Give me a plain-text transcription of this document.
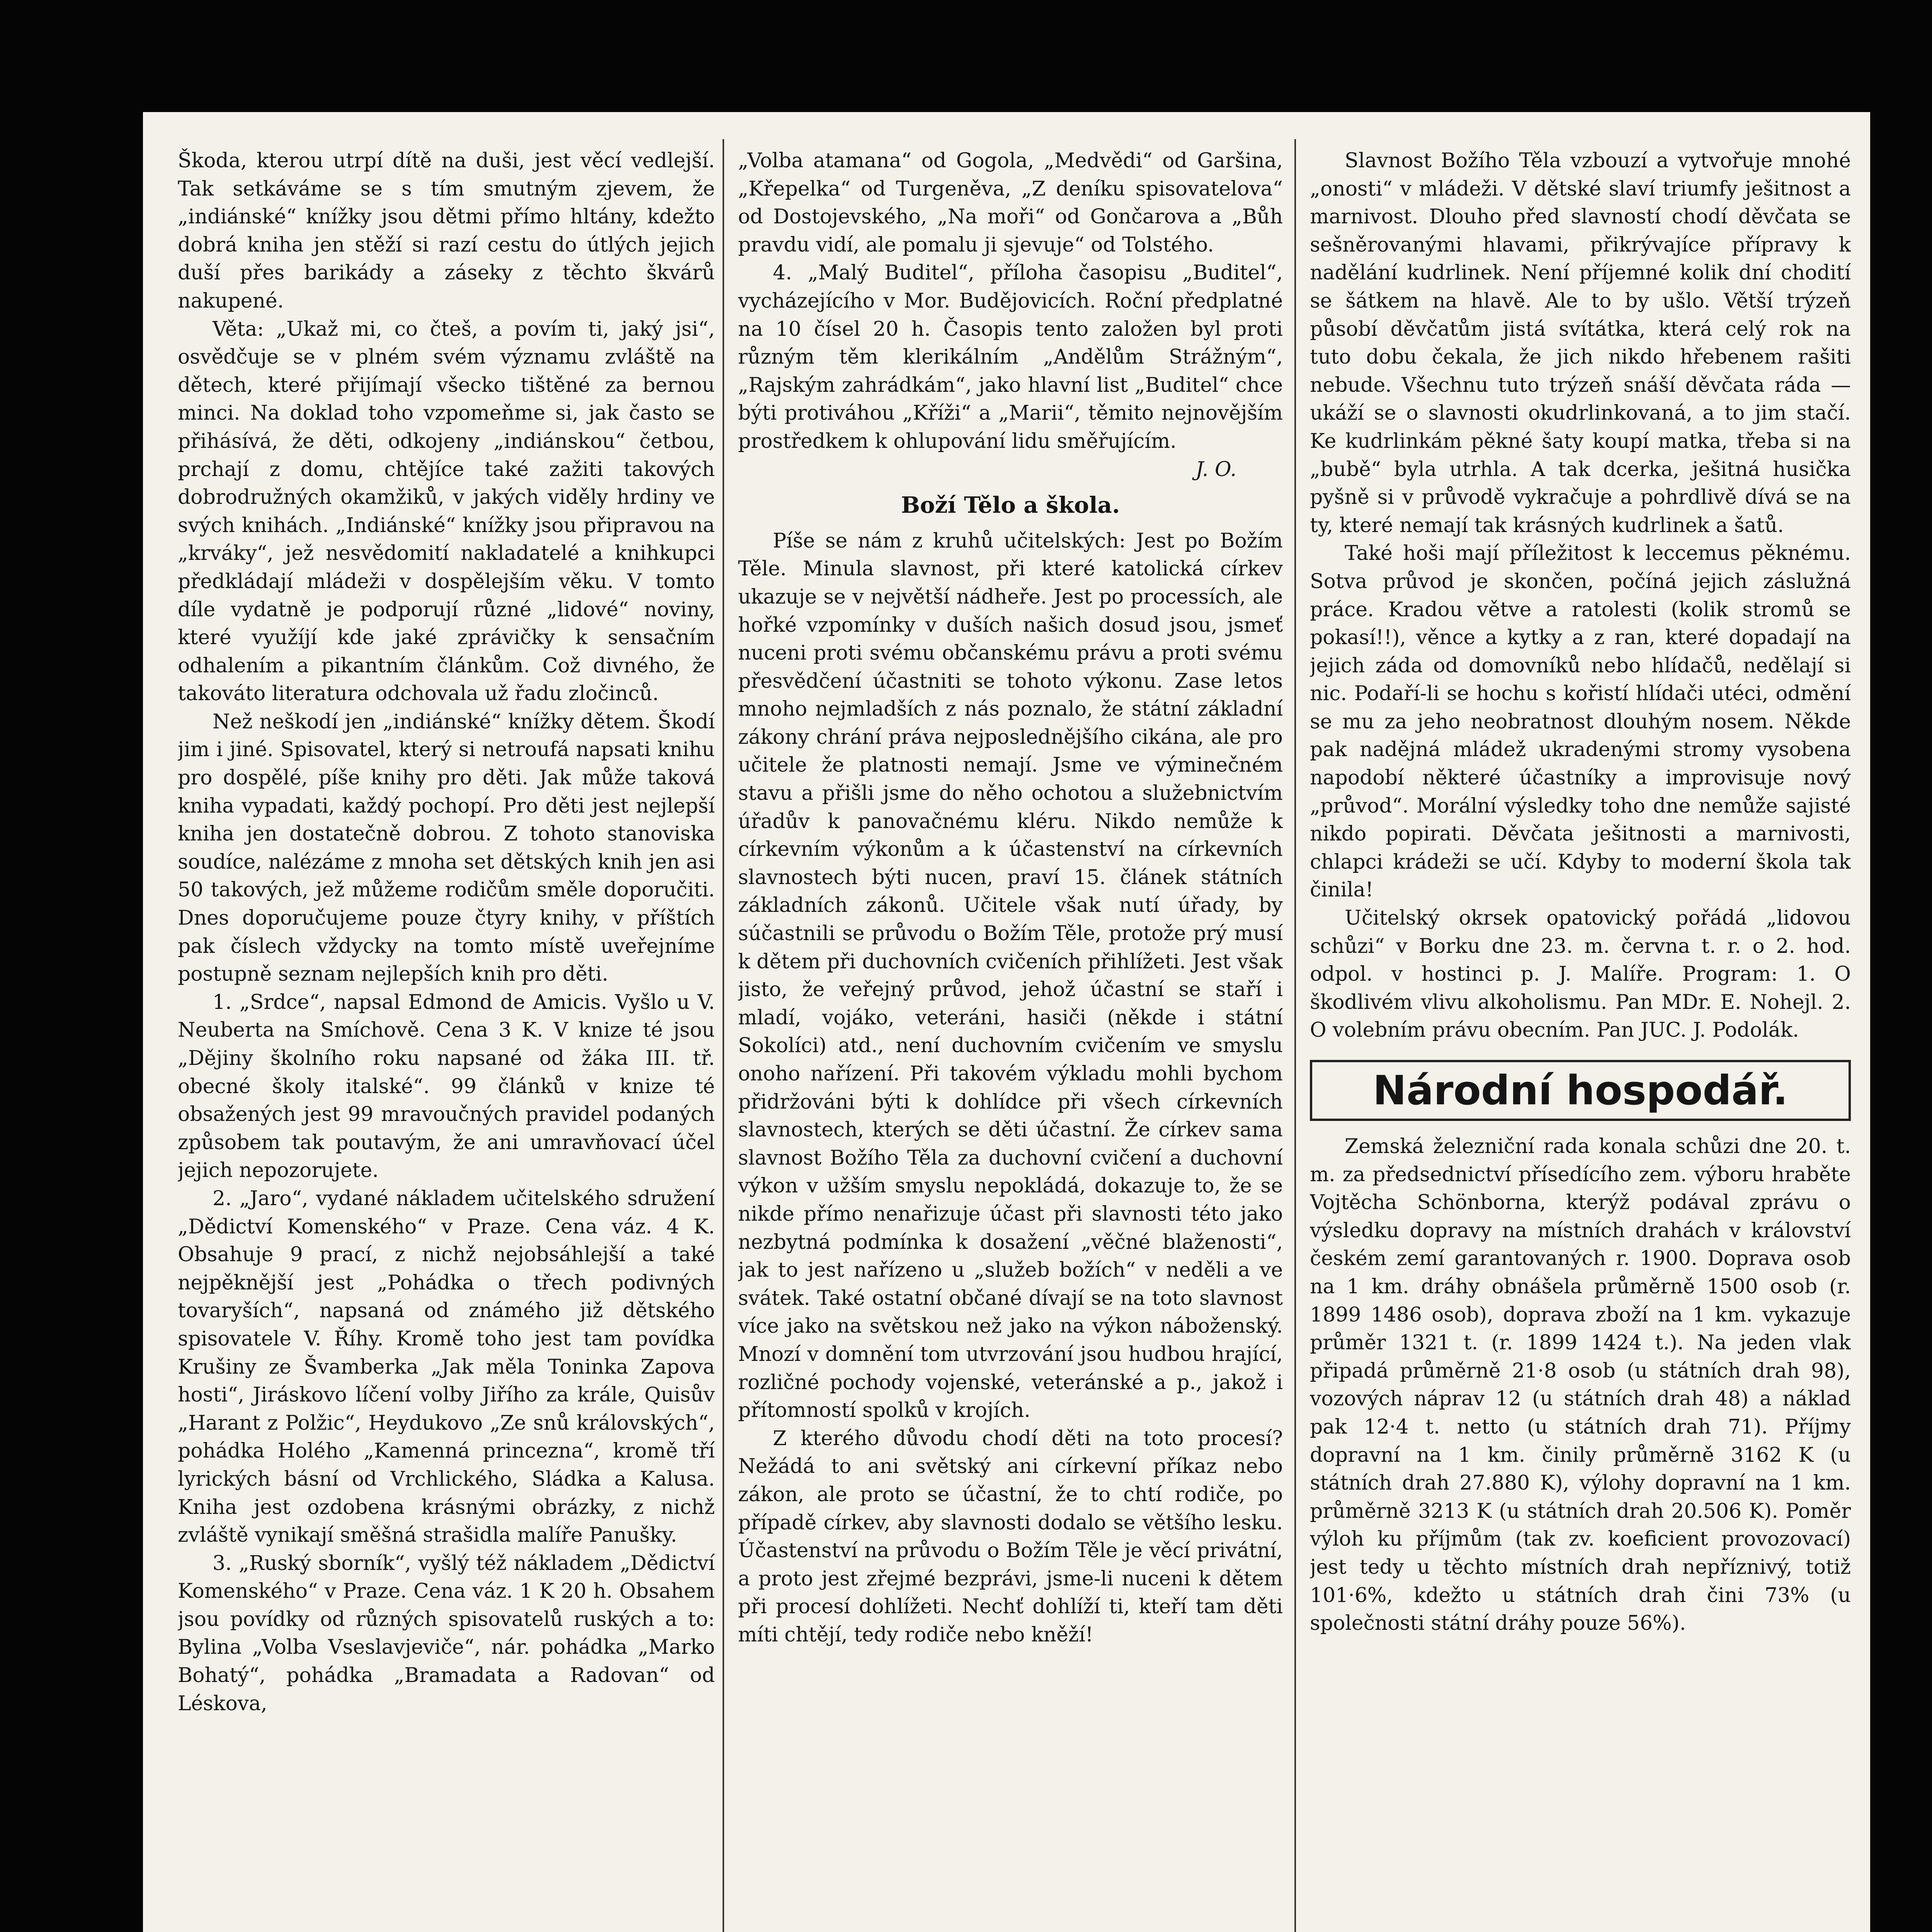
Škoda, kterou utrpí dítě na duši, jest věcí vedlejší. Tak setkáváme se s tím smutným zjevem, že „indiánské“ knížky jsou dětmi přímo hltány, kdežto dobrá kniha jen stěží si razí cestu do útlých jejich duší přes barikády a záseky z těchto škvárů nakupené.

Věta: „Ukaž mi, co čteš, a povím ti, jaký jsi“, osvědčuje se v plném svém významu zvláště na dětech, které přijímají všecko tištěné za bernou minci. Na doklad toho vzpomeňme si, jak často se přihásívá, že děti, odkojeny „indiánskou“ četbou, prchají z domu, chtějíce také zažiti takových dobrodružných okamžiků, v jakých viděly hrdiny ve svých knihách. „Indiánské“ knížky jsou připravou na „krváky“, jež nesvědomití nakladatelé a knihkupci předkládají mládeži v dospělejším věku. V tomto díle vydatně je podporují různé „lidové“ noviny, které využíjí kde jaké zprávičky k sensačním odhalením a pikantním článkům. Což divného, že takováto literatura odchovala už řadu zločinců.

Než neškodí jen „indiánské“ knížky dětem. Škodí jim i jiné. Spisovatel, který si netroufá napsati knihu pro dospělé, píše knihy pro děti. Jak může taková kniha vypadati, každý pochopí. Pro děti jest nejlepší kniha jen dostatečně dobrou. Z tohoto stanoviska soudíce, nalézáme z mnoha set dětských knih jen asi 50 takových, jež můžeme rodičům směle doporučiti. Dnes doporučujeme pouze čtyry knihy, v příštích pak číslech vždycky na tomto místě uveřejníme postupně seznam nejlepších knih pro děti.

1. „Srdce“, napsal Edmond de Amicis. Vyšlo u V. Neuberta na Smíchově. Cena 3 K. V knize té jsou „Dějiny školního roku napsané od žáka III. tř. obecné školy italské“. 99 článků v knize té obsažených jest 99 mravoučných pravidel podaných způsobem tak poutavým, že ani umravňovací účel jejich nepozorujete.

2. „Jaro“, vydané nákladem učitelského sdružení „Dědictví Komenského“ v Praze. Cena váz. 4 K. Obsahuje 9 prací, z nichž nejobsáhlejší a také nejpěknější jest „Pohádka o třech podivných tovaryších“, napsaná od známého již dětského spisovatele V. Říhy. Kromě toho jest tam povídka Krušiny ze Švamberka „Jak měla Toninka Zapova hosti“, Jiráskovo líčení volby Jiřího za krále, Quisův „Harant z Polžic“, Heydukovo „Ze snů královských“, pohádka Holého „Kamenná princezna“, kromě tří lyrických básní od Vrchlického, Sládka a Kalusa. Kniha jest ozdobena krásnými obrázky, z nichž zvláště vynikají směšná strašidla malíře Panušky.

3. „Ruský sborník“, vyšlý též nákladem „Dědictví Komenského“ v Praze. Cena váz. 1 K 20 h. Obsahem jsou povídky od různých spisovatelů ruských a to: Bylina „Volba Vseslavjeviče“, nár. pohádka „Marko Bohatý“, pohádka „Bramadata a Radovan“ od Léskova,

„Volba atamana“ od Gogola, „Medvědi“ od Garšina, „Křepelka“ od Turgeněva, „Z deníku spisovatelova“ od Dostojevského, „Na moři“ od Gončarova a „Bůh pravdu vidí, ale pomalu ji sjevuje“ od Tolstého.

4. „Malý Buditel“, příloha časopisu „Buditel“, vycházejícího v Mor. Budějovicích. Roční předplatné na 10 čísel 20 h. Časopis tento založen byl proti různým těm klerikálním „Andělům Strážným“, „Rajským zahrádkám“, jako hlavní list „Buditel“ chce býti protiváhou „Kříži“ a „Marii“, těmito nejnovějším prostředkem k ohlupování lidu směřujícím.

J. O.

Boží Tělo a škola.

Píše se nám z kruhů učitelských: Jest po Božím Těle. Minula slavnost, při které katolická církev ukazuje se v největší nádheře. Jest po processích, ale hořké vzpomínky v duších našich dosud jsou, jsmeť nuceni proti svému občanskému právu a proti svému přesvědčení účastniti se tohoto výkonu. Zase letos mnoho nejmladších z nás poznalo, že státní základní zákony chrání práva nejposlednějšího cikána, ale pro učitele že platnosti nemají. Jsme ve výminečném stavu a přišli jsme do něho ochotou a služebnictvím úřadův k panovačnému kléru. Nikdo nemůže k církevním výkonům a k účastenství na církevních slavnostech býti nucen, praví 15. článek státních základních zákonů. Učitele však nutí úřady, by súčastnili se průvodu o Božím Těle, protože prý musí k dětem při duchovních cvičeních přihlížeti. Jest však jisto, že veřejný průvod, jehož účastní se staří i mladí, vojáko, veteráni, hasiči (někde i státní Sokolíci) atd., není duchovním cvičením ve smyslu onoho nařízení. Při takovém výkladu mohli bychom přidržováni býti k dohlídce při všech církevních slavnostech, kterých se děti účastní. Že církev sama slavnost Božího Těla za duchovní cvičení a duchovní výkon v užším smyslu nepokládá, dokazuje to, že se nikde přímo nenařizuje účast při slavnosti této jako nezbytná podmínka k dosažení „věčné blaženosti“, jak to jest nařízeno u „služeb božích“ v neděli a ve svátek. Také ostatní občané dívají se na toto slavnost více jako na světskou než jako na výkon náboženský. Mnozí v domnění tom utvrzování jsou hudbou hrající, rozličné pochody vojenské, veteránské a p., jakož i přítomností spolků v krojích.

Z kterého důvodu chodí děti na toto procesí? Nežádá to ani světský ani církevní příkaz nebo zákon, ale proto se účastní, že to chtí rodiče, po případě církev, aby slavnosti dodalo se většího lesku. Účastenství na průvodu o Božím Těle je věcí privátní, a proto jest zřejmé bezprávi, jsme-li nuceni k dětem při procesí dohlížeti. Nechť dohlíží ti, kteří tam děti míti chtějí, tedy rodiče nebo kněží!

Slavnost Božího Těla vzbouzí a vytvořuje mnohé „onosti“ v mládeži. V dětské slaví triumfy ješitnost a marnivost. Dlouho před slavností chodí děvčata se sešněrovanými hlavami, přikrývajíce přípravy k nadělání kudrlinek. Není příjemné kolik dní chodití se šátkem na hlavě. Ale to by ušlo. Větší trýzeň působí děvčatům jistá svítátka, která celý rok na tuto dobu čekala, že jich nikdo hřebenem rašiti nebude. Všechnu tuto trýzeň snáší děvčata ráda — ukáží se o slavnosti okudrlinkovaná, a to jim stačí. Ke kudrlinkám pěkné šaty koupí matka, třeba si na „bubě“ byla utrhla. A tak dcerka, ješitná husička pyšně si v průvodě vykračuje a pohrdlivě dívá se na ty, které nemají tak krásných kudrlinek a šatů.

Také hoši mají příležitost k leccemus pěknému. Sotva průvod je skončen, počíná jejich záslužná práce. Kradou větve a ratolesti (kolik stromů se pokasí!!), věnce a kytky a z ran, které dopadají na jejich záda od domovníků nebo hlídačů, nedělají si nic. Podaří-li se hochu s kořistí hlídači utéci, odmění se mu za jeho neobratnost dlouhým nosem. Někde pak nadějná mládež ukradenými stromy vysobena napodobí některé účastníky a improvisuje nový „průvod“. Morální výsledky toho dne nemůže sajisté nikdo popirati. Děvčata ješitnosti a marnivosti, chlapci krádeži se učí. Kdyby to moderní škola tak činila!

Učitelský okrsek opatovický pořádá „lidovou schůzi“ v Borku dne 23. m. června t. r. o 2. hod. odpol. v hostinci p. J. Malíře. Program: 1. O škodlivém vlivu alkoholismu. Pan MDr. E. Nohejl. 2. O volebním právu obecním. Pan JUC. J. Podolák.

Národní hospodář.

Zemská železniční rada konala schůzi dne 20. t. m. za předsednictví přísedícího zem. výboru hraběte Vojtěcha Schönborna, kterýž podával zprávu o výsledku dopravy na místních drahách v království českém zemí garantovaných r. 1900. Doprava osob na 1 km. dráhy obnášela průměrně 1500 osob (r. 1899 1486 osob), doprava zboží na 1 km. vykazuje průměr 1321 t. (r. 1899 1424 t.). Na jeden vlak připadá průměrně 21·8 osob (u státních drah 98), vozových náprav 12 (u státních drah 48) a náklad pak 12·4 t. netto (u státních drah 71). Příjmy dopravní na 1 km. činily průměrně 3162 K (u státních drah 27.880 K), výlohy dopravní na 1 km. průměrně 3213 K (u státních drah 20.506 K). Poměr výloh ku příjmům (tak zv. koeficient provozovací) jest tedy u těchto místních drah nepříznivý, totiž 101·6%, kdežto u státních drah čini 73% (u společnosti státní dráhy pouze 56%).
